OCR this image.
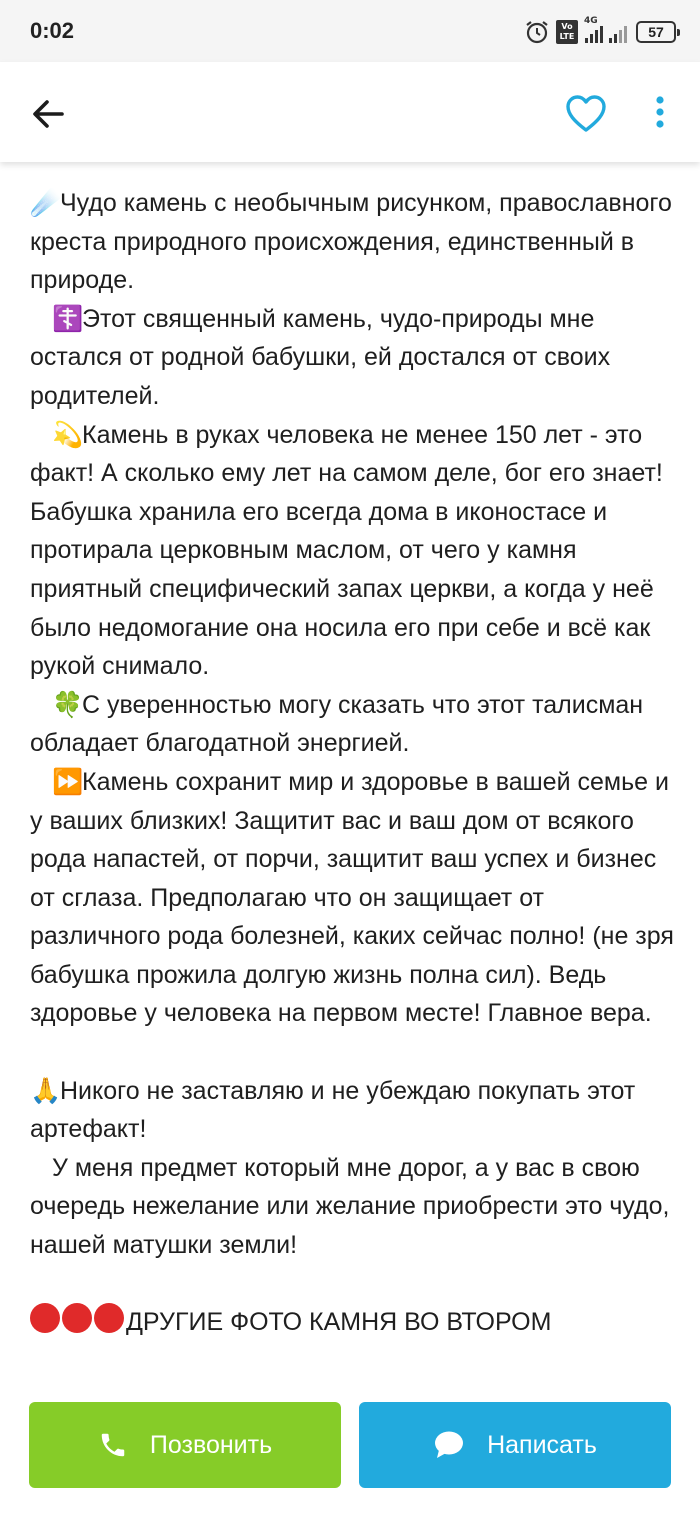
0:02	Vo LTE
4G
57

☄️Чудо камень с необычным рисунком, православного креста природного происхождения, единственный в природе.

☦️Этот священный камень, чудо-природы мне остался от родной бабушки, ей достался от своих родителей.

💫Камень в руках человека не менее 150 лет - это факт! А сколько ему лет на самом деле, бог его знает! Бабушка хранила его всегда дома в иконостасе и протирала церковным маслом, от чего у камня приятный специфический запах церкви, а когда у неё было недомогание она носила его при себе и всё как рукой снимало.

🍀С уверенностью могу сказать что этот талисман обладает благодатной энергией.

⏩Камень сохранит мир и здоровье в вашей семье и у ваших близких! Защитит вас и ваш дом от всякого рода напастей, от порчи, защитит ваш успех и бизнес от сглаза. Предполагаю что он защищает от различного рода болезней, каких сейчас полно! (не зря бабушка прожила долгую жизнь полна сил). Ведь здоровье у человека на первом месте! Главное вера.

🙏Никого не заставляю и не убеждаю покупать этот артефакт!

У меня предмет который мне дорог, а у вас в свою очередь нежелание или желание приобрести это чудо, нашей матушки земли!

ДРУГИЕ ФОТО КАМНЯ ВО ВТОРОМ

Позвонить	Написать
